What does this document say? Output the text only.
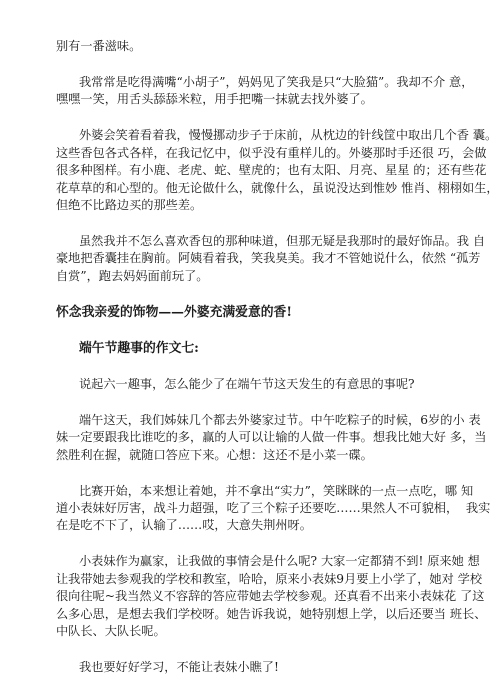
别有一番滋味。
我常常是吃得满嘴“小胡子”，妈妈见了笑我是只“大脸猫”。我却不介 意，
嘿嘿一笑，用舌头舔舔米粒，用手把嘴一抹就去找外婆了。
外婆会笑着看着我，慢慢挪动步子于床前，从枕边的针线筐中取出几个香 囊。
这些香包各式各样，在我记忆中，似乎没有重样儿的。外婆那时手还很 巧，会做
很多种图样。有小鹿、老虎、蛇、壁虎的；也有太阳、月亮、星星 的；还有些花
花草草的和心型的。他无论做什么，就像什么，虽说没达到惟妙 惟肖、栩栩如生，
但绝不比路边买的那些差。
虽然我并不怎么喜欢香包的那种味道，但那无疑是我那时的最好饰品。我 自
豪地把香囊挂在胸前。阿姨看着我，笑我臭美。我才不管她说什么，依然 “孤芳
自赏”，跑去妈妈面前玩了。
怀念我亲爱的饰物——外婆充满爱意的香!
端午节趣事的作文七:
说起六一趣事，怎么能少了在端午节这天发生的有意思的事呢?
端午这天，我们姊妹几个都去外婆家过节。中午吃粽子的时候，6岁的小 表
妹一定要跟我比谁吃的多，赢的人可以让输的人做一件事。想我比她大好 多，当
然胜利在握，就随口答应下来。心想：这还不是小菜一碟。
比赛开始，本来想让着她，并不拿出“实力”，笑眯眯的一点一点吃，哪 知
道小表妹好厉害，战斗力超强，吃了三个粽子还要吃……果然人不可貌相，  我实
在是吃不下了，认输了……哎，大意失荆州呀。
小表妹作为赢家，让我做的事情会是什么呢? 大家一定都猜不到! 原来她 想
让我带她去参观我的学校和教室，哈哈，原来小表妹9月要上小学了，她对 学校
很向往呢~我当然义不容辞的答应带她去学校参观。还真看不出来小表妹花 了这
么多心思，是想去我们学校呀。她告诉我说，她特别想上学，以后还要当 班长、
中队长、大队长呢。
我也要好好学习，不能让表妹小瞧了!
